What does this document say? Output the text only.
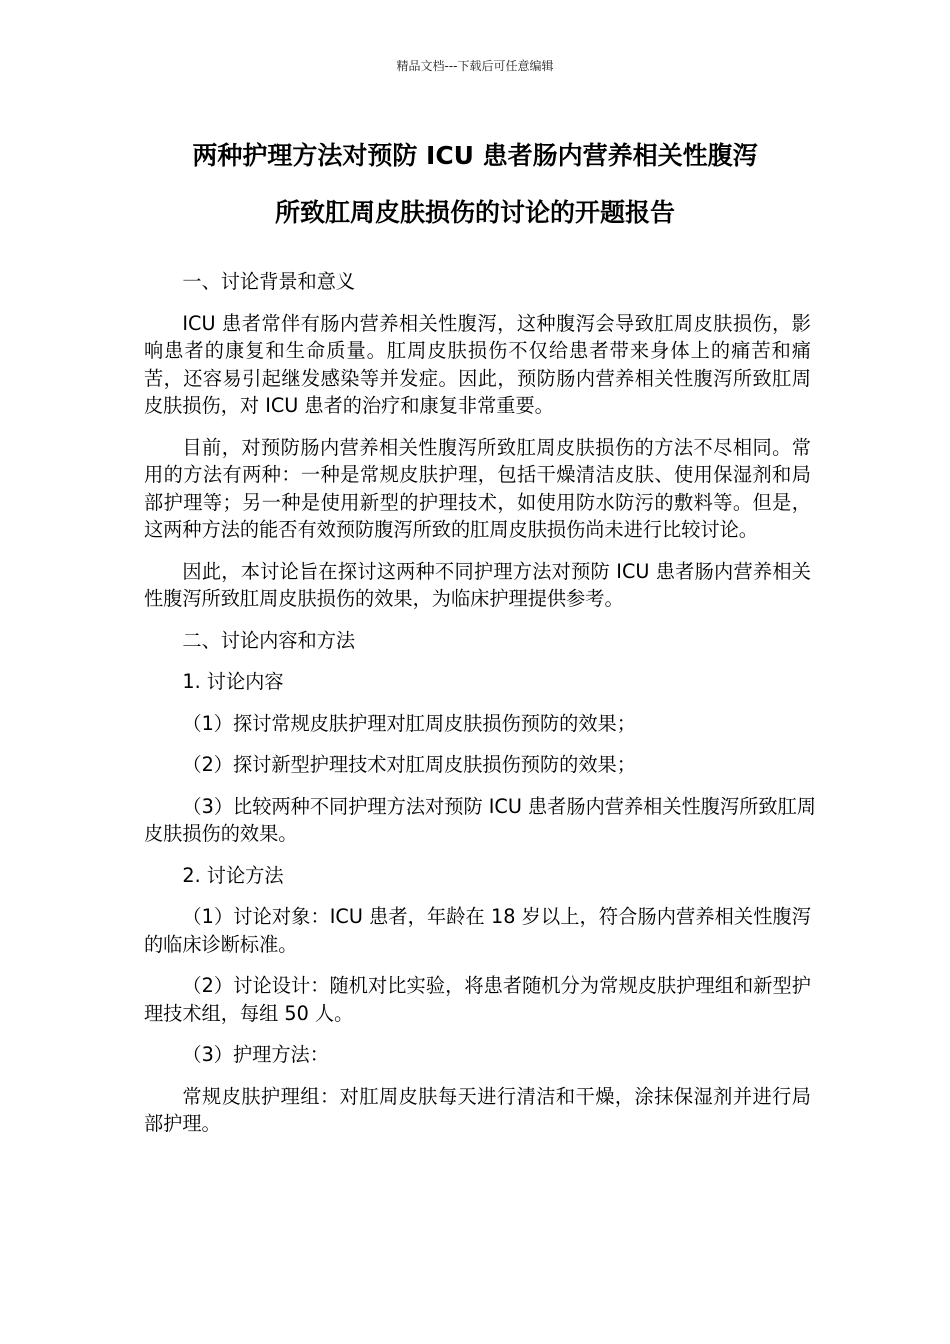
精品文档---下载后可任意编辑
两种护理方法对预防 ICU 患者肠内营养相关性腹泻
所致肛周皮肤损伤的讨论的开题报告

一、讨论背景和意义

ICU 患者常伴有肠内营养相关性腹泻，这种腹泻会导致肛周皮肤损伤，影响患者的康复和生命质量。肛周皮肤损伤不仅给患者带来身体上的痛苦和痛苦，还容易引起继发感染等并发症。因此，预防肠内营养相关性腹泻所致肛周皮肤损伤，对 ICU 患者的治疗和康复非常重要。

目前，对预防肠内营养相关性腹泻所致肛周皮肤损伤的方法不尽相同。常用的方法有两种：一种是常规皮肤护理，包括干燥清洁皮肤、使用保湿剂和局部护理等；另一种是使用新型的护理技术，如使用防水防污的敷料等。但是，这两种方法的能否有效预防腹泻所致的肛周皮肤损伤尚未进行比较讨论。

因此，本讨论旨在探讨这两种不同护理方法对预防 ICU 患者肠内营养相关性腹泻所致肛周皮肤损伤的效果，为临床护理提供参考。

二、讨论内容和方法

1. 讨论内容

（1）探讨常规皮肤护理对肛周皮肤损伤预防的效果；

（2）探讨新型护理技术对肛周皮肤损伤预防的效果；

（3）比较两种不同护理方法对预防 ICU 患者肠内营养相关性腹泻所致肛周皮肤损伤的效果。

2. 讨论方法

（1）讨论对象：ICU 患者，年龄在 18 岁以上，符合肠内营养相关性腹泻的临床诊断标准。

（2）讨论设计：随机对比实验，将患者随机分为常规皮肤护理组和新型护理技术组，每组 50 人。

（3）护理方法：

常规皮肤护理组：对肛周皮肤每天进行清洁和干燥，涂抹保湿剂并进行局部护理。
